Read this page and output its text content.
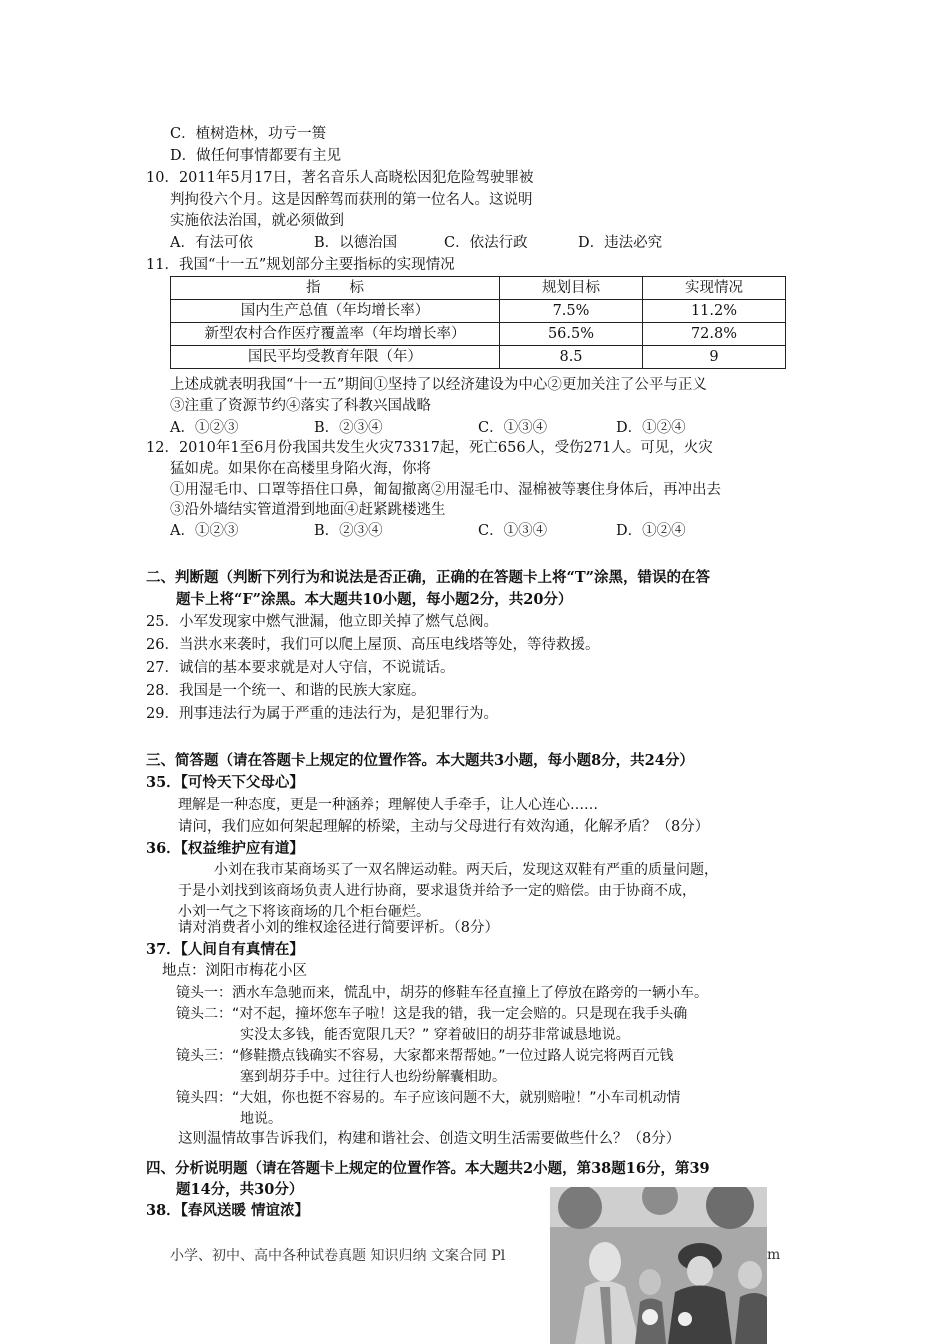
C．植树造林，功亏一篑
D．做任何事情都要有主见
10．2011年5月17日，著名音乐人高晓松因犯危险驾驶罪被
判拘役六个月。这是因醉驾而获刑的第一位名人。这说明
实施依法治国，就必须做到
A．有法可依	B．以德治国	C．依法行政	D．违法必究
11．我国“十一五”规划部分主要指标的实现情况
指　　标	规划目标	实现情况
国内生产总值（年均增长率）	7.5%	11.2%
新型农村合作医疗覆盖率（年均增长率）	56.5%	72.8%
国民平均受教育年限（年）	8.5	9
上述成就表明我国“十一五”期间①坚持了以经济建设为中心②更加关注了公平与正义
③注重了资源节约④落实了科教兴国战略
A．①②③	B．②③④	C．①③④	D．①②④
12．2010年1至6月份我国共发生火灾73317起，死亡656人，受伤271人。可见，火灾
猛如虎。如果你在高楼里身陷火海，你将
①用湿毛巾、口罩等捂住口鼻，匍匐撤离②用湿毛巾、湿棉被等裹住身体后，再冲出去
③沿外墙结实管道滑到地面④赶紧跳楼逃生
A．①②③	B．②③④	C．①③④	D．①②④
二、判断题（判断下列行为和说法是否正确，正确的在答题卡上将“T”涂黑，错误的在答
题卡上将“F”涂黑。本大题共10小题，每小题2分，共20分）
25．小军发现家中燃气泄漏，他立即关掉了燃气总阀。
26．当洪水来袭时，我们可以爬上屋顶、高压电线塔等处，等待救援。
27．诚信的基本要求就是对人守信，不说谎话。
28．我国是一个统一、和谐的民族大家庭。
29．刑事违法行为属于严重的违法行为，是犯罪行为。
三、简答题（请在答题卡上规定的位置作答。本大题共3小题，每小题8分，共24分）
35．【可怜天下父母心】
理解是一种态度，更是一种涵养；理解使人手牵手，让人心连心……
请问，我们应如何架起理解的桥梁，主动与父母进行有效沟通，化解矛盾？（8分）
36．【权益维护应有道】
小刘在我市某商场买了一双名牌运动鞋。两天后，发现这双鞋有严重的质量问题，
于是小刘找到该商场负责人进行协商，要求退货并给予一定的赔偿。由于协商不成，
小刘一气之下将该商场的几个柜台砸烂。
请对消费者小刘的维权途径进行简要评析。（8分）
37．【人间自有真情在】
地点：浏阳市梅花小区
镜头一：洒水车急驰而来，慌乱中，胡芬的修鞋车径直撞上了停放在路旁的一辆小车。
镜头二：“对不起，撞坏您车子啦！这是我的错，我一定会赔的。只是现在我手头确
实没太多钱，能否宽限几天？” 穿着破旧的胡芬非常诚恳地说。
镜头三：“修鞋攒点钱确实不容易，大家都来帮帮她。”一位过路人说完将两百元钱
塞到胡芬手中。过往行人也纷纷解囊相助。
镜头四：“大姐，你也挺不容易的。车子应该问题不大，就别赔啦！”小车司机动情
地说。
这则温情故事告诉我们，构建和谐社会、创造文明生活需要做些什么？（8分）
四、分析说明题（请在答题卡上规定的位置作答。本大题共2小题，第38题16分，第39
题14分，共30分）
38．【春风送暖 情谊浓】
小学、初中、高中各种试卷真题 知识归纳 文案合同 Pl	m
